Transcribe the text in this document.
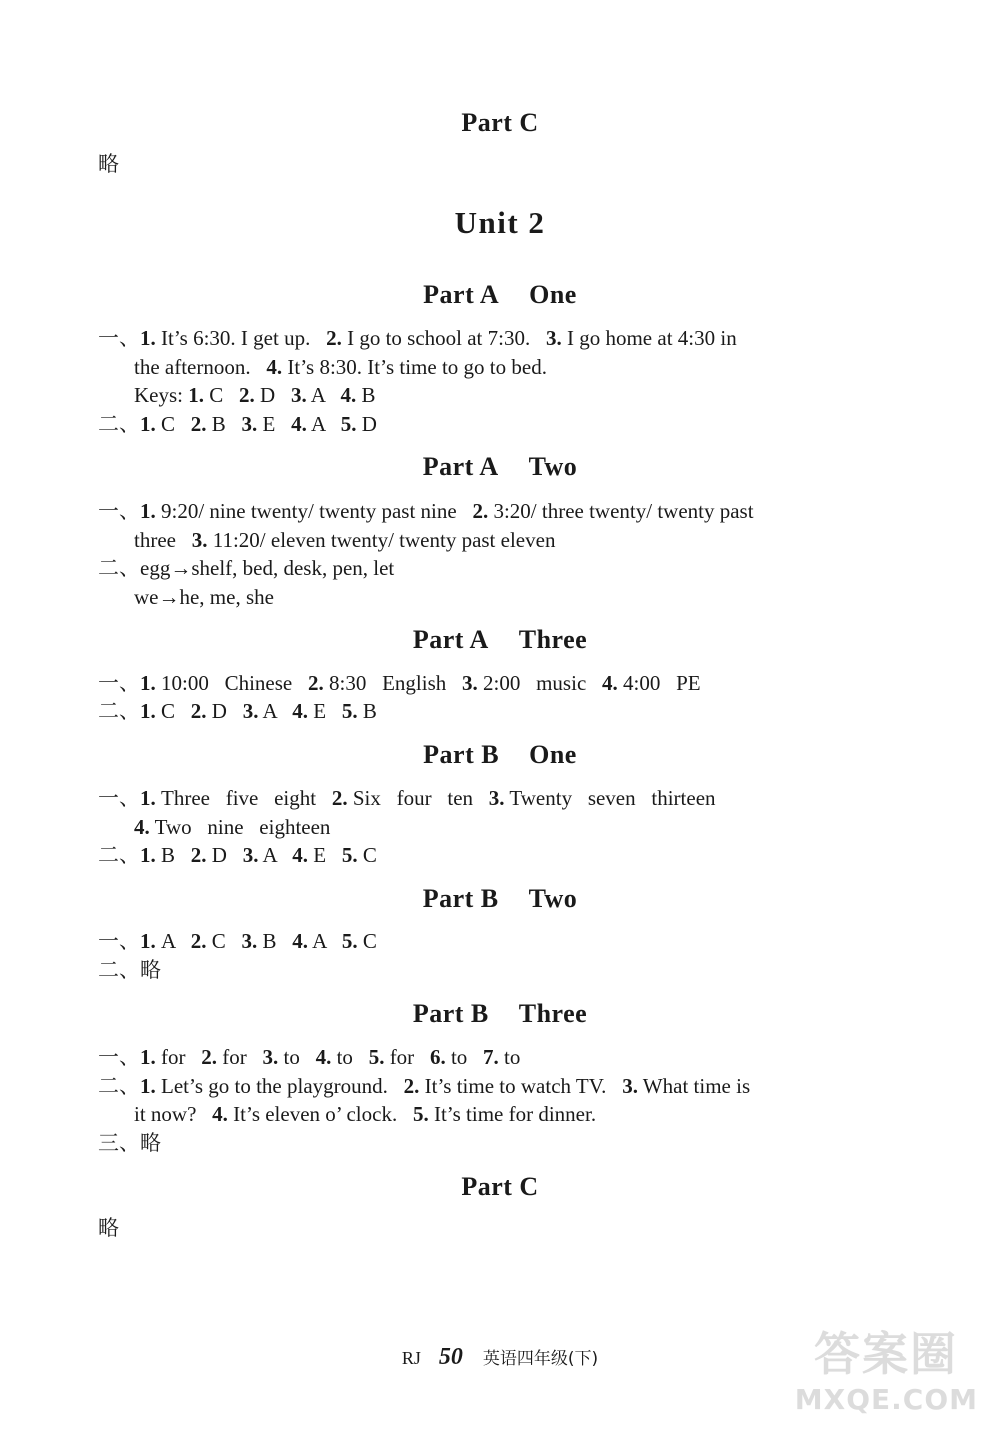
Part C
略
Unit 2
Part A One
一、1. It’s 6:30. I get up.   2. I go to school at 7:30.   3. I go home at 4:30 in
the afternoon.   4. It’s 8:30. It’s time to go to bed.
Keys: 1. C   2. D   3. A   4. B
二、1. C   2. B   3. E   4. A   5. D
Part A Two
一、1. 9:20/ nine twenty/ twenty past nine   2. 3:20/ three twenty/ twenty past
three   3. 11:20/ eleven twenty/ twenty past eleven
二、egg→shelf, bed, desk, pen, let
we→he, me, she
Part A Three
一、1. 10:00   Chinese   2. 8:30   English   3. 2:00   music   4. 4:00   PE
二、1. C   2. D   3. A   4. E   5. B
Part B One
一、1. Three   five   eight   2. Six   four   ten   3. Twenty   seven   thirteen
4. Two   nine   eighteen
二、1. B   2. D   3. A   4. E   5. C
Part B Two
一、1. A   2. C   3. B   4. A   5. C
二、略
Part B Three
一、1. for   2. for   3. to   4. to   5. for   6. to   7. to
二、1. Let’s go to the playground.   2. It’s time to watch TV.   3. What time is
it now?   4. It’s eleven o’ clock.   5. It’s time for dinner.
三、略
Part C
略
RJ 50 英语四年级(下)	答案圈
MXQE.COM
